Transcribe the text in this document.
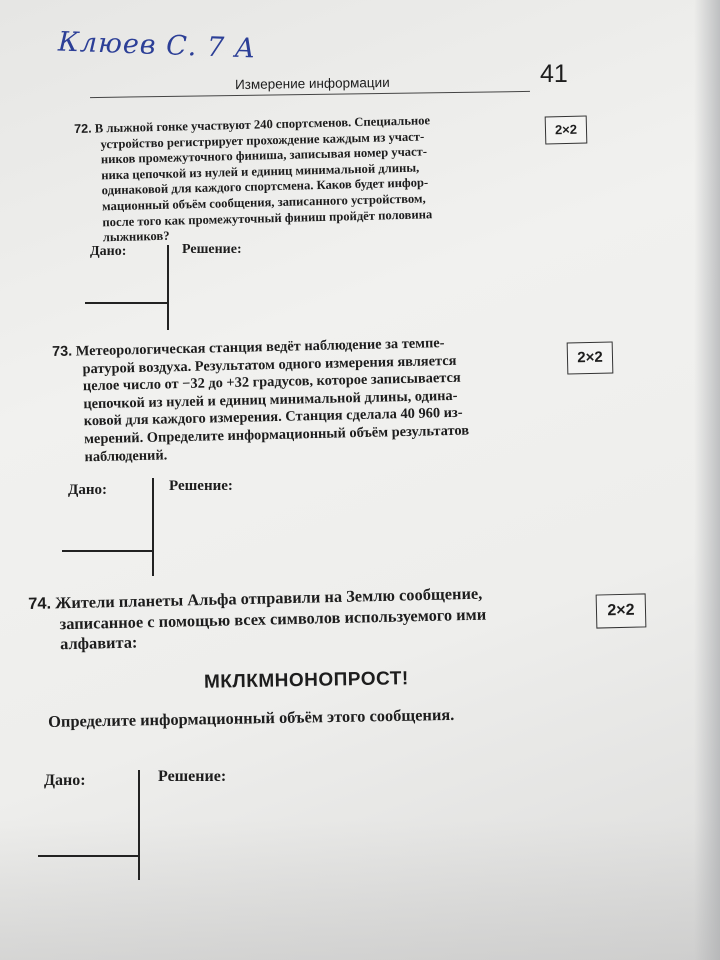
Клюев С. 7 А
Измерение информации	41
72. В лыжной гонке участвуют 240 спортсменов. Специальное
устройство регистрирует прохождение каждым из участ-
ников промежуточного финиша, записывая номер участ-
ника цепочкой из нулей и единиц минимальной длины,
одинаковой для каждого спортсмена. Каков будет инфор-
мационный объём сообщения, записанного устройством,
после того как промежуточный финиш пройдёт половина
лыжников?
2×2
Дано:	Решение:
73. Метеорологическая станция ведёт наблюдение за темпе-
ратурой воздуха. Результатом одного измерения является
целое число от −32 до +32 градусов, которое записывается
цепочкой из нулей и единиц минимальной длины, одина-
ковой для каждого измерения. Станция сделала 40 960 из-
мерений. Определите информационный объём результатов
наблюдений.
2×2
Дано:	Решение:
74. Жители планеты Альфа отправили на Землю сообщение,
записанное с помощью всех символов используемого ими
алфавита:
2×2
МКЛКМНОНОПРОСТ!
Определите информационный объём этого сообщения.
Дано:	Решение:
